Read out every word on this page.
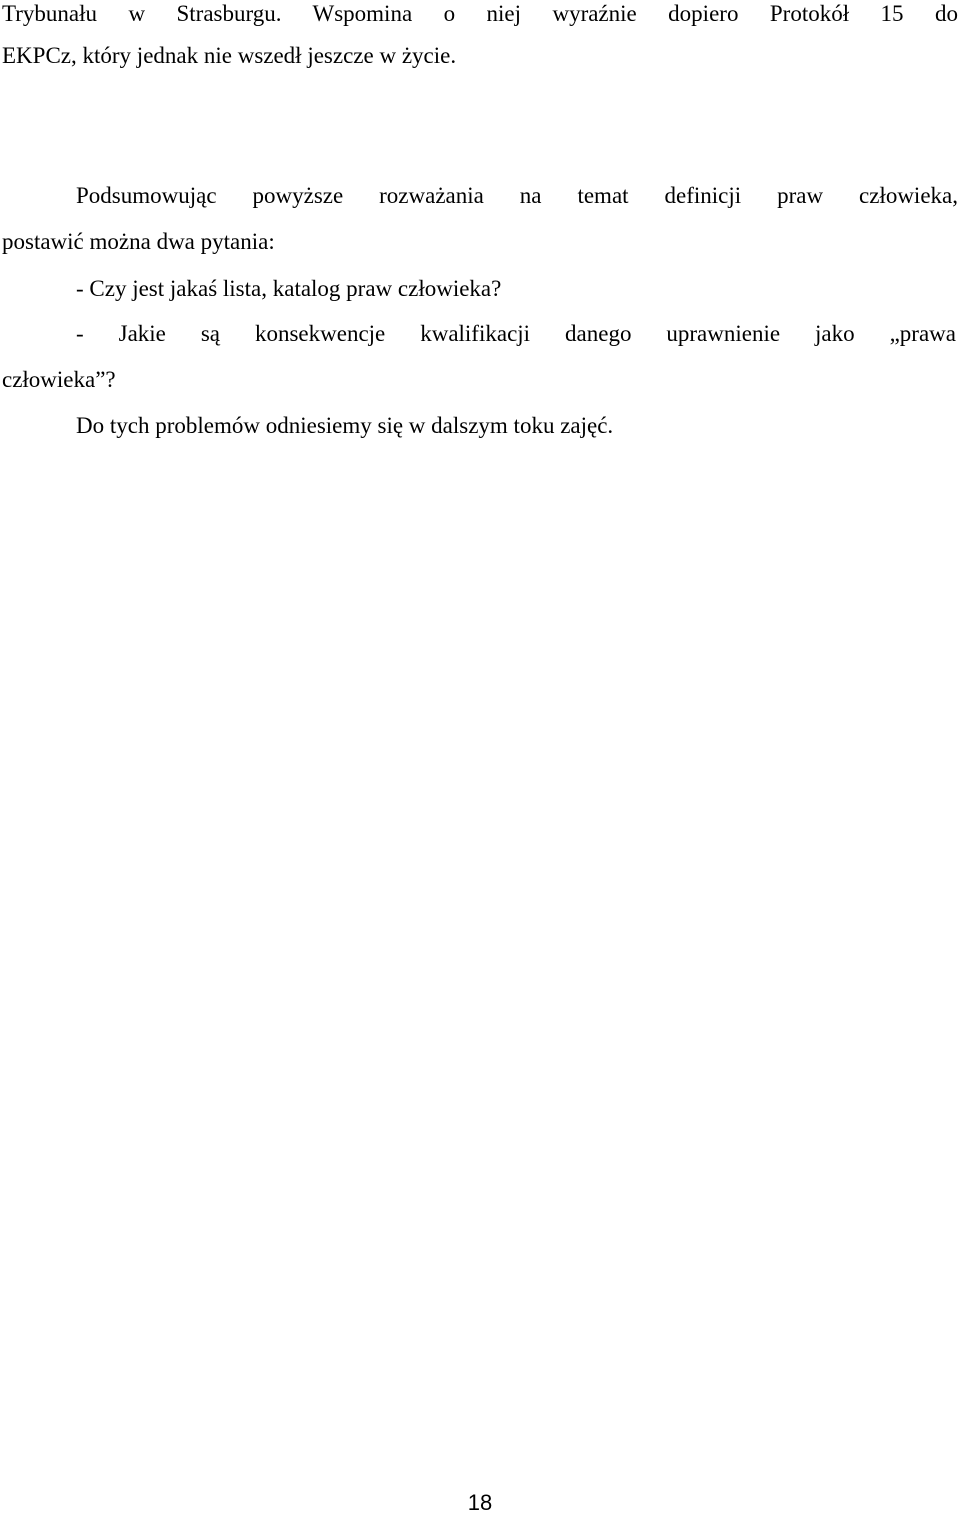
Trybunału w Strasburgu. Wspomina o niej wyraźnie dopiero Protokół 15 do
EKPCz, który jednak nie wszedł jeszcze w życie.
Podsumowując powyższe rozważania na temat definicji praw człowieka,
postawić można dwa pytania:
- Czy jest jakaś lista, katalog praw człowieka?
- Jakie są konsekwencje kwalifikacji danego uprawnienie jako „prawa
człowieka”?
Do tych problemów odniesiemy się w dalszym toku zajęć.
18
